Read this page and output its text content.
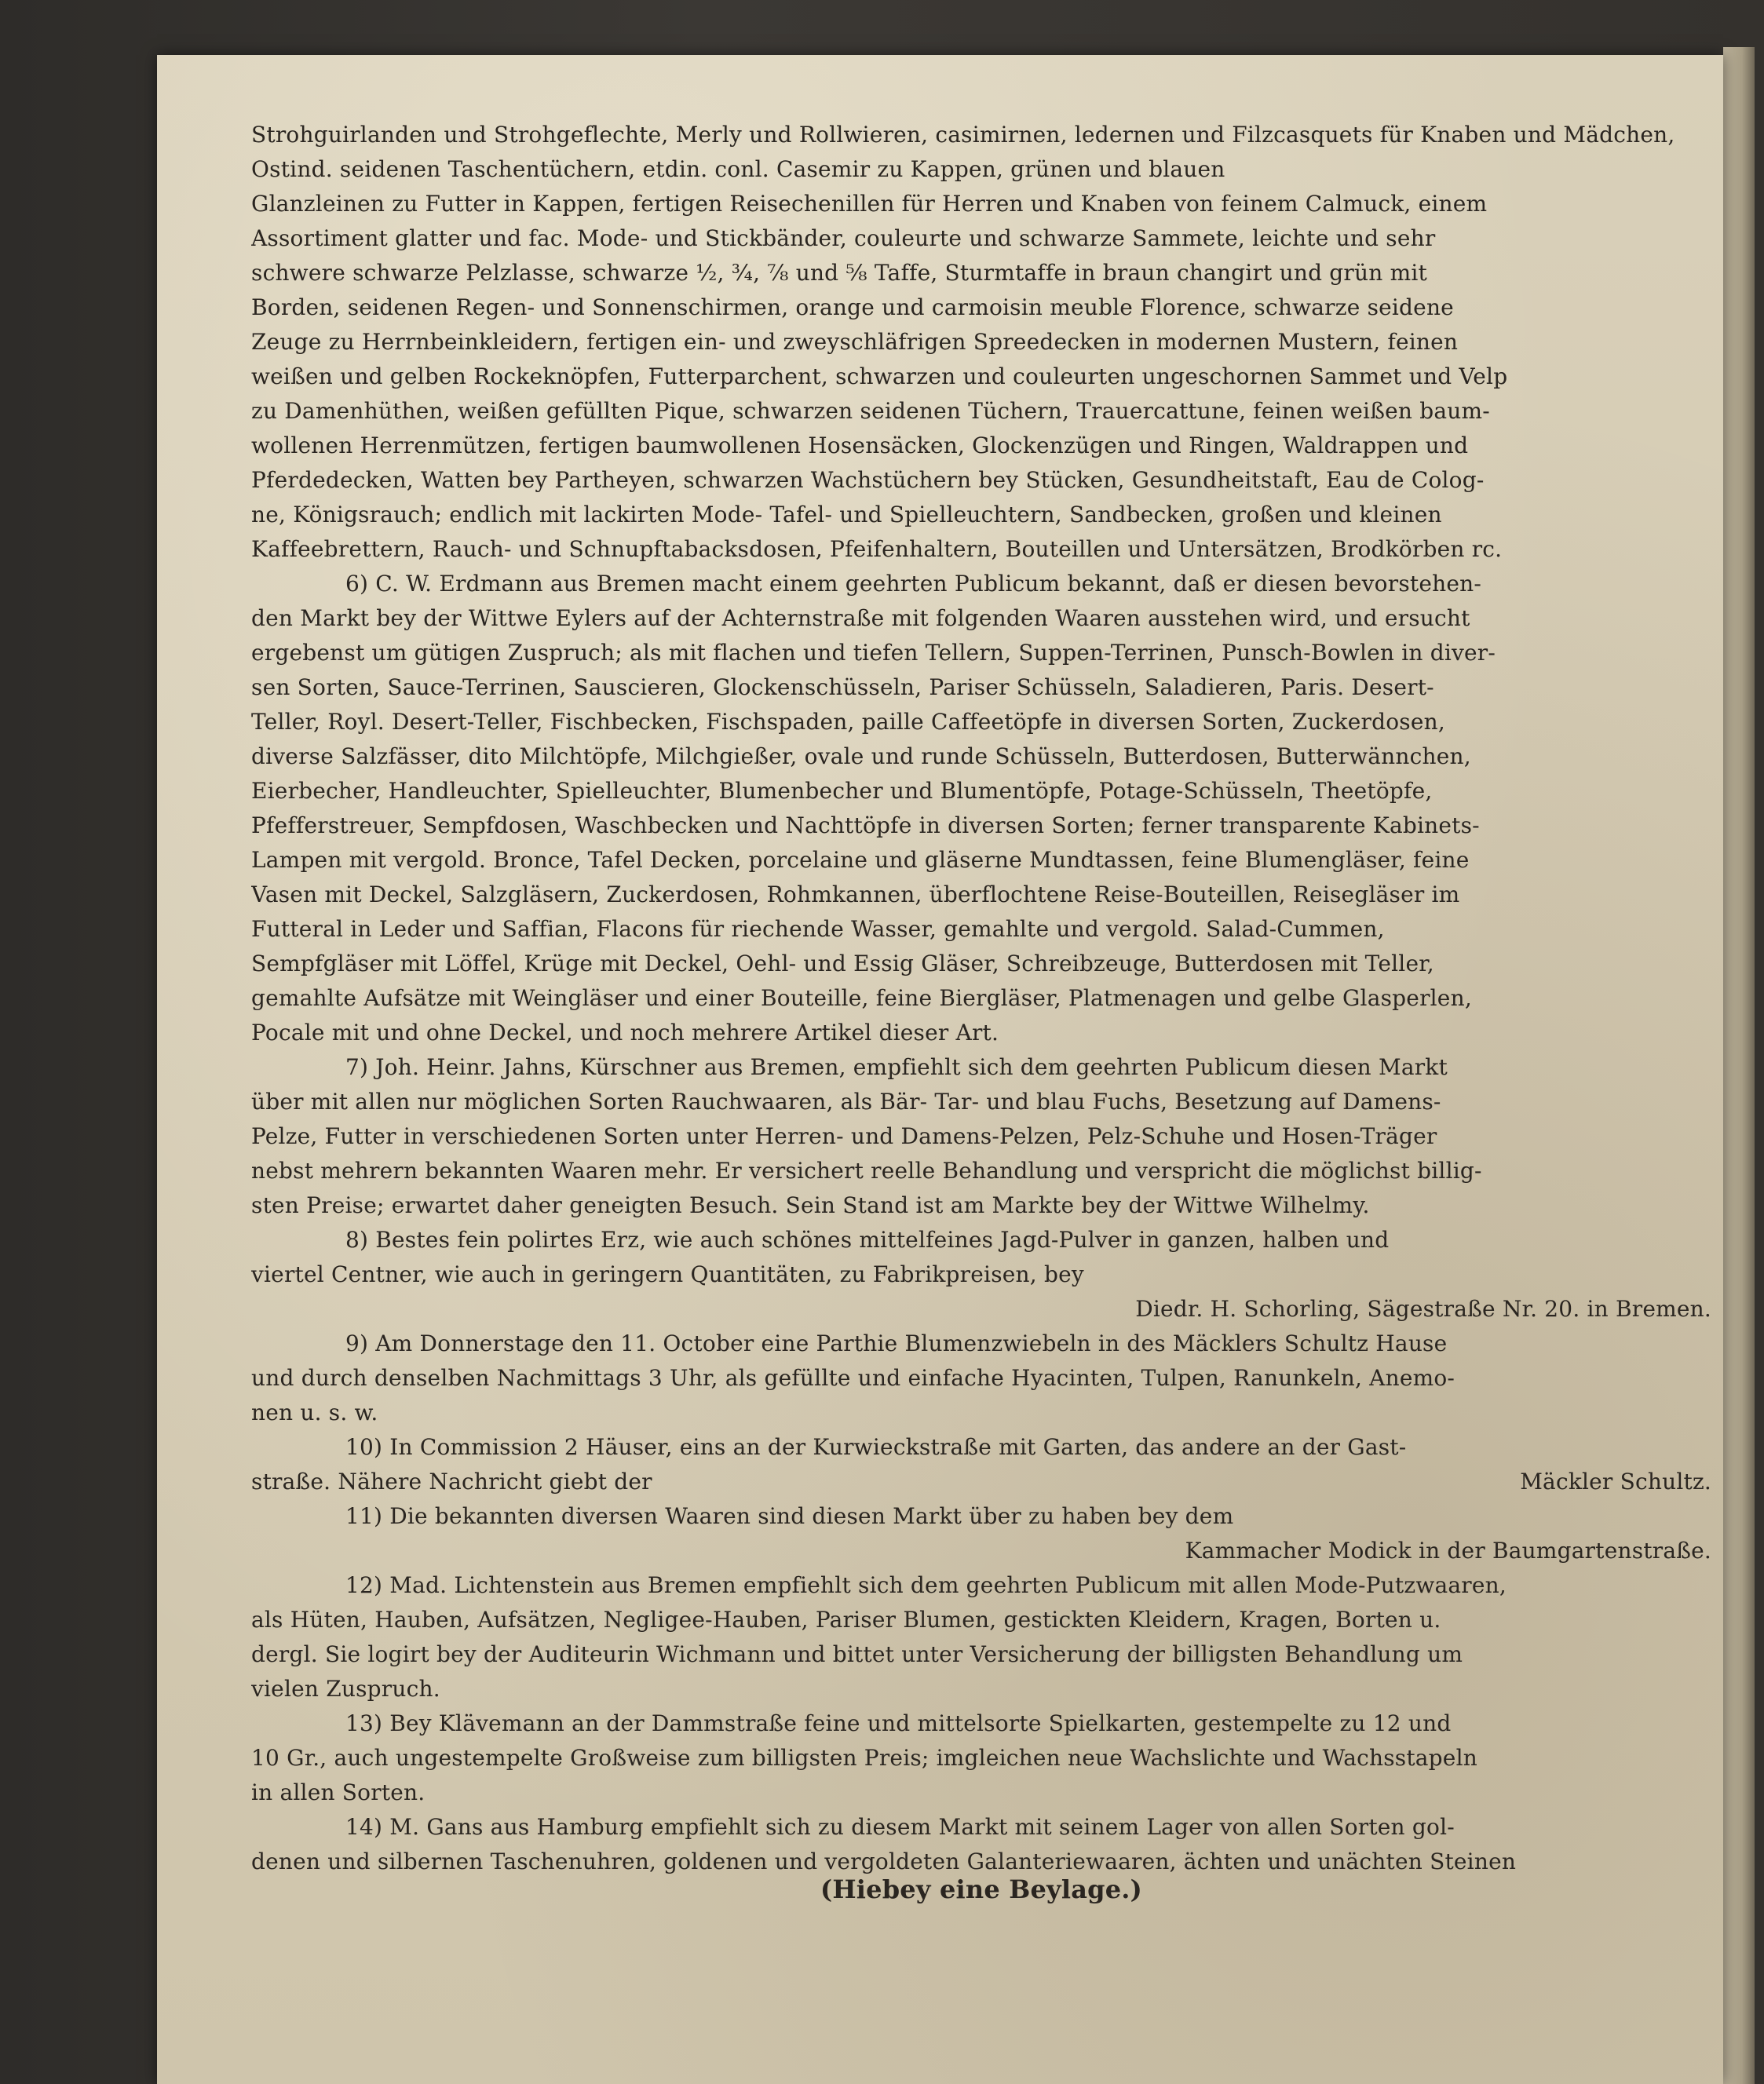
Strohguirlanden und Strohgeflechte, Merly und Rollwieren, casimirnen, ledernen und Filzcasquets für Knaben und Mädchen,
Ostind. seidenen Taschentüchern, etdin. conl. Casemir zu Kappen, grünen und blauen
Glanzleinen zu Futter in Kappen, fertigen Reisechenillen für Herren und Knaben von feinem Calmuck, einem
Assortiment glatter und fac. Mode- und Stickbänder, couleurte und schwarze Sammete, leichte und sehr
schwere schwarze Pelzlasse, schwarze ½, ¾, ⅞ und ⅝ Taffe, Sturmtaffe in braun changirt und grün mit
Borden, seidenen Regen- und Sonnenschirmen, orange und carmoisin meuble Florence, schwarze seidene
Zeuge zu Herrnbeinkleidern, fertigen ein- und zweyschläfrigen Spreedecken in modernen Mustern, feinen
weißen und gelben Rockeknöpfen, Futterparchent, schwarzen und couleurten ungeschornen Sammet und Velp
zu Damenhüthen, weißen gefüllten Pique, schwarzen seidenen Tüchern, Trauercattune, feinen weißen baum-
wollenen Herrenmützen, fertigen baumwollenen Hosensäcken, Glockenzügen und Ringen, Waldrappen und
Pferdedecken, Watten bey Partheyen, schwarzen Wachstüchern bey Stücken, Gesundheitstaft, Eau de Colog-
ne, Königsrauch; endlich mit lackirten Mode- Tafel- und Spielleuchtern, Sandbecken, großen und kleinen
Kaffeebrettern, Rauch- und Schnupftabacksdosen, Pfeifenhaltern, Bouteillen und Untersätzen, Brodkörben rc.
6) C. W. Erdmann aus Bremen macht einem geehrten Publicum bekannt, daß er diesen bevorstehen-
den Markt bey der Wittwe Eylers auf der Achternstraße mit folgenden Waaren ausstehen wird, und ersucht
ergebenst um gütigen Zuspruch; als mit flachen und tiefen Tellern, Suppen-Terrinen, Punsch-Bowlen in diver-
sen Sorten, Sauce-Terrinen, Sauscieren, Glockenschüsseln, Pariser Schüsseln, Saladieren, Paris. Desert-
Teller, Royl. Desert-Teller, Fischbecken, Fischspaden, paille Caffeetöpfe in diversen Sorten, Zuckerdosen,
diverse Salzfässer, dito Milchtöpfe, Milchgießer, ovale und runde Schüsseln, Butterdosen, Butterwännchen,
Eierbecher, Handleuchter, Spielleuchter, Blumenbecher und Blumentöpfe, Potage-Schüsseln, Theetöpfe,
Pfefferstreuer, Sempfdosen, Waschbecken und Nachttöpfe in diversen Sorten; ferner transparente Kabinets-
Lampen mit vergold. Bronce, Tafel Decken, porcelaine und gläserne Mundtassen, feine Blumengläser, feine
Vasen mit Deckel, Salzgläsern, Zuckerdosen, Rohmkannen, überflochtene Reise-Bouteillen, Reisegläser im
Futteral in Leder und Saffian, Flacons für riechende Wasser, gemahlte und vergold. Salad-Cummen,
Sempfgläser mit Löffel, Krüge mit Deckel, Oehl- und Essig Gläser, Schreibzeuge, Butterdosen mit Teller,
gemahlte Aufsätze mit Weingläser und einer Bouteille, feine Biergläser, Platmenagen und gelbe Glasperlen,
Pocale mit und ohne Deckel, und noch mehrere Artikel dieser Art.
7) Joh. Heinr. Jahns, Kürschner aus Bremen, empfiehlt sich dem geehrten Publicum diesen Markt
über mit allen nur möglichen Sorten Rauchwaaren, als Bär- Tar- und blau Fuchs, Besetzung auf Damens-
Pelze, Futter in verschiedenen Sorten unter Herren- und Damens-Pelzen, Pelz-Schuhe und Hosen-Träger
nebst mehrern bekannten Waaren mehr. Er versichert reelle Behandlung und verspricht die möglichst billig-
sten Preise; erwartet daher geneigten Besuch. Sein Stand ist am Markte bey der Wittwe Wilhelmy.
8) Bestes fein polirtes Erz, wie auch schönes mittelfeines Jagd-Pulver in ganzen, halben und
viertel Centner, wie auch in geringern Quantitäten, zu Fabrikpreisen, bey
Diedr. H. Schorling, Sägestraße Nr. 20. in Bremen.
9) Am Donnerstage den 11. October eine Parthie Blumenzwiebeln in des Mäcklers Schultz Hause
und durch denselben Nachmittags 3 Uhr, als gefüllte und einfache Hyacinten, Tulpen, Ranunkeln, Anemo-
nen u. s. w.
10) In Commission 2 Häuser, eins an der Kurwieckstraße mit Garten, das andere an der Gast-
straße. Nähere Nachricht giebt der	Mäckler Schultz.
11) Die bekannten diversen Waaren sind diesen Markt über zu haben bey dem
Kammacher Modick in der Baumgartenstraße.
12) Mad. Lichtenstein aus Bremen empfiehlt sich dem geehrten Publicum mit allen Mode-Putzwaaren,
als Hüten, Hauben, Aufsätzen, Negligee-Hauben, Pariser Blumen, gestickten Kleidern, Kragen, Borten u.
dergl. Sie logirt bey der Auditeurin Wichmann und bittet unter Versicherung der billigsten Behandlung um
vielen Zuspruch.
13) Bey Klävemann an der Dammstraße feine und mittelsorte Spielkarten, gestempelte zu 12 und
10 Gr., auch ungestempelte Großweise zum billigsten Preis; imgleichen neue Wachslichte und Wachsstapeln
in allen Sorten.
14) M. Gans aus Hamburg empfiehlt sich zu diesem Markt mit seinem Lager von allen Sorten gol-
denen und silbernen Taschenuhren, goldenen und vergoldeten Galanteriewaaren, ächten und unächten Steinen
(Hiebey eine Beylage.)
